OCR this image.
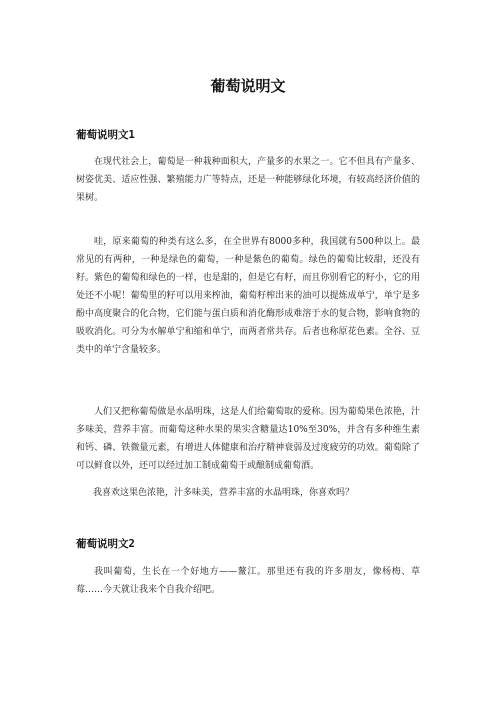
葡萄说明文
葡萄说明文1

在现代社会上，葡萄是一种栽种面积大，产量多的水果之一。它不但具有产量多、树姿优美、适应性强、繁殖能力广等特点，还是一种能够绿化环境，有较高经济价值的果树。

哇，原来葡萄的种类有这么多，在全世界有8000多种，我国就有500种以上。最常见的有两种，一种是绿色的葡萄，一种是紫色的葡萄。绿色的葡萄比较甜，还没有籽。紫色的葡萄和绿色的一样，也是甜的，但是它有籽，而且你别看它的籽小，它的用处还不小呢！葡萄里的籽可以用来榨油，葡萄籽榨出来的油可以提炼成单宁，单宁是多酚中高度聚合的化合物，它们能与蛋白质和消化酶形成难溶于水的复合物，影响食物的吸收消化。可分为水解单宁和缩和单宁，而两者常共存。后者也称原花色素。全谷、豆类中的单宁含量较多。

人们又把称葡萄做是水晶明珠，这是人们给葡萄取的爱称。因为葡萄果色浓艳，汁多味美，营养丰富。而葡萄这种水果的果实含糖量达10%至30%，并含有多种维生素和钙、磷、铁微量元素，有增进人体健康和治疗精神衰弱及过度疲劳的功效。葡萄除了可以鲜食以外，还可以经过加工制成葡萄干或酿制成葡萄酒。

我喜欢这果色浓艳，汁多味美，营养丰富的水晶明珠，你喜欢吗？

葡萄说明文2

我叫葡萄，生长在一个好地方——鳌江。那里还有我的许多朋友，像杨梅、草莓……今天就让我来个自我介绍吧。
